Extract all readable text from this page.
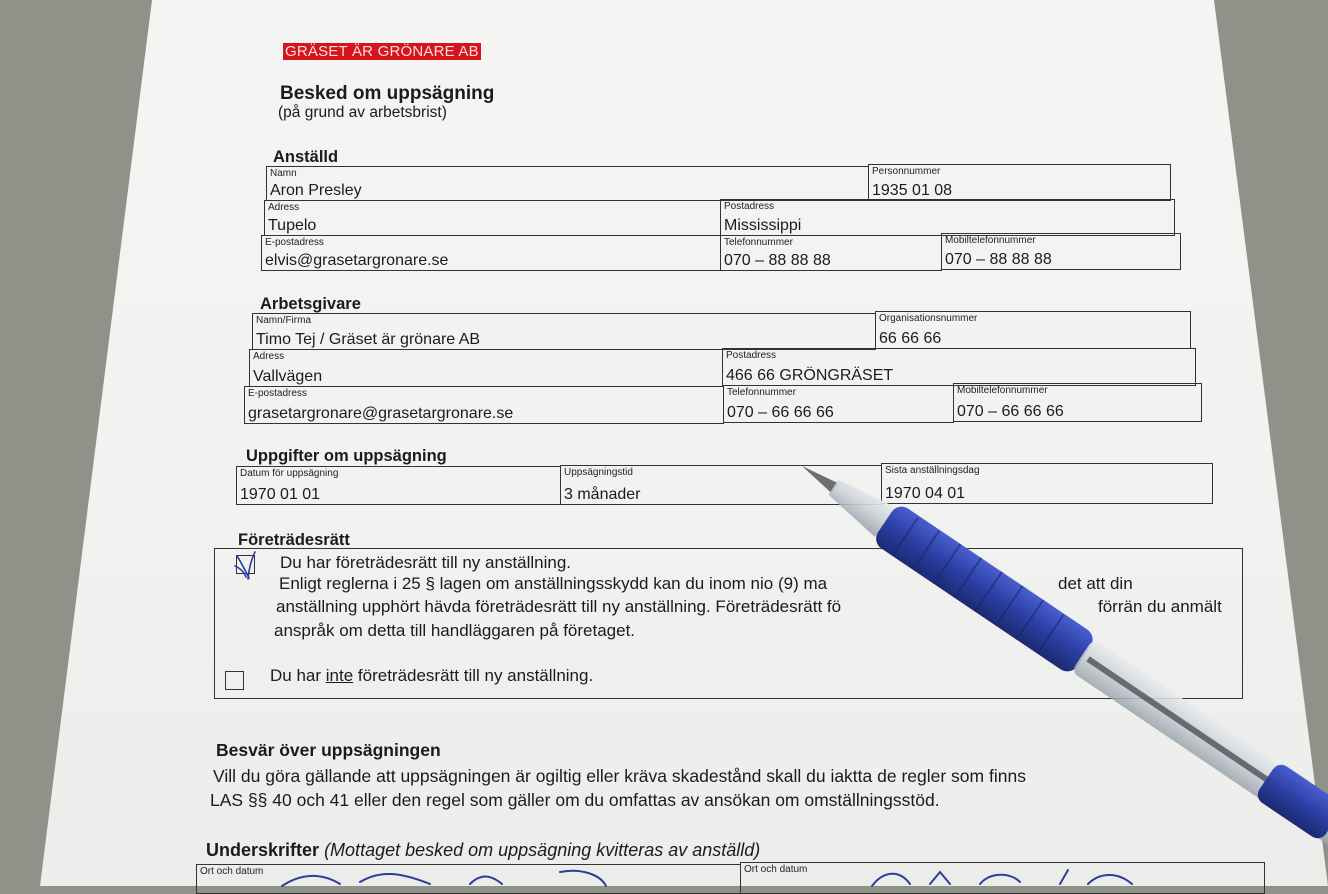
GRÄSET ÄR GRÖNARE AB
Besked om uppsägning
(på grund av arbetsbrist)
Anställd
Namn
Aron Presley
Personnummer
1935 01 08
Adress
Tupelo
Postadress
Mississippi
E-postadress
elvis@grasetargronare.se
Telefonnummer
070 – 88 88 88
Mobiltelefonnummer
070 – 88 88 88
Arbetsgivare
Namn/Firma
Timo Tej / Gräset är grönare AB
Organisationsnummer
66 66 66
Adress
Vallvägen
Postadress
466 66 GRÖNGRÄSET
E-postadress
grasetargronare@grasetargronare.se
Telefonnummer
070 – 66 66 66
Mobiltelefonnummer
070 – 66 66 66
Uppgifter om uppsägning
Datum för uppsägning
1970 01 01
Uppsägningstid
3 månader
Sista anställningsdag
1970 04 01
Företrädesrätt
Du har företrädesrätt till ny anställning.
Enligt reglerna i 25 § lagen om anställningsskydd kan du inom nio (9) ma	det att din
anställning upphört hävda företrädesrätt till ny anställning. Företrädesrätt fö	förrän du anmält
anspråk om detta till handläggaren på företaget.
Du har inte företrädesrätt till ny anställning.
Besvär över uppsägningen
Vill du göra gällande att uppsägningen är ogiltig eller kräva skadestånd skall du iaktta de regler som finns
LAS §§ 40 och 41 eller den regel som gäller om du omfattas av ansökan om omställningsstöd.
Underskrifter (Mottaget besked om uppsägning kvitteras av anställd)
Ort och datum	Ort och datum
